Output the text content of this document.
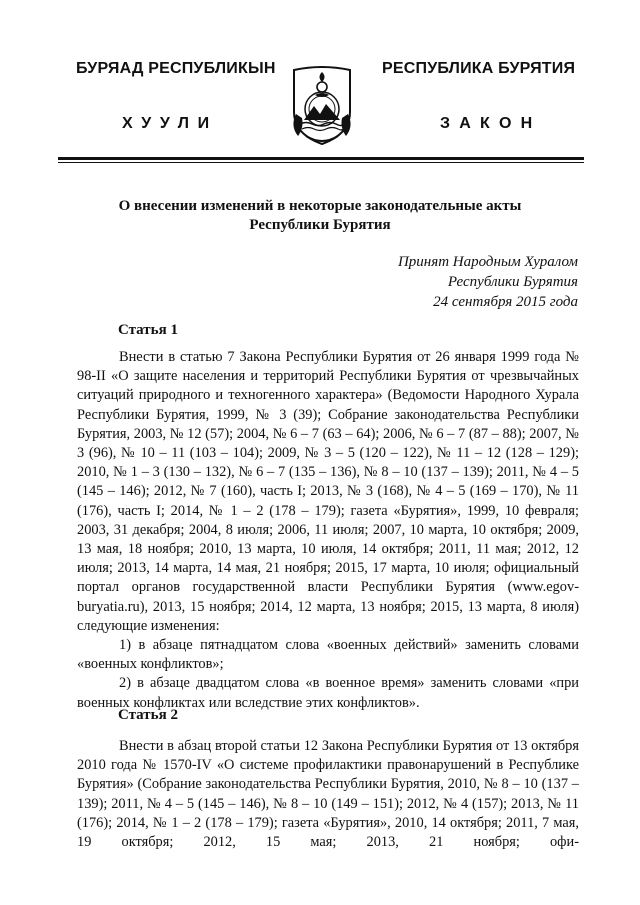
БУРЯАД РЕСПУБЛИКЫН	РЕСПУБЛИКА БУРЯТИЯ
ХУУЛИ	ЗАКОН
О внесении изменений в некоторые законодательные акты
Республики Бурятия
Принят Народным Хуралом
Республики Бурятия
24 сентября 2015 года
Статья 1

Внести в статью 7 Закона Республики Бурятия от 26 января 1999 года № 98-II «О защите населения и территорий Республики Бурятия от чрезвычайных ситуаций природного и техногенного характера» (Ведомости Народного Хурала Республики Бурятия, 1999, № 3 (39); Собрание законодательства Республики Бурятия, 2003, № 12 (57); 2004, № 6 – 7 (63 – 64); 2006, № 6 – 7 (87 – 88); 2007, № 3 (96), № 10 – 11 (103 – 104); 2009, № 3 – 5 (120 – 122), № 11 – 12 (128 – 129); 2010, № 1 – 3 (130 – 132), № 6 – 7 (135 – 136), № 8 – 10 (137 – 139); 2011, № 4 – 5 (145 – 146); 2012, № 7 (160), часть I; 2013, № 3 (168), № 4 – 5 (169 – 170), № 11 (176), часть I; 2014, № 1 – 2 (178 – 179); газета «Бурятия», 1999, 10 февраля; 2003, 31 декабря; 2004, 8 июля; 2006, 11 июля; 2007, 10 марта, 10 октября; 2009, 13 мая, 18 ноября; 2010, 13 марта, 10 июля, 14 октября; 2011, 11 мая; 2012, 12 июля; 2013, 14 марта, 14 мая, 21 ноября; 2015, 17 марта, 10 июля; официальный портал органов государственной власти Республики Бурятия (www.egov-buryatia.ru), 2013, 15 ноября; 2014, 12 марта, 13 ноября; 2015, 13 марта, 8 июля) следующие изменения:

1) в абзаце пятнадцатом слова «военных действий» заменить словами «военных конфликтов»;

2) в абзаце двадцатом слова «в военное время» заменить словами «при военных конфликтах или вследствие этих конфликтов».

Статья 2

Внести в абзац второй статьи 12 Закона Республики Бурятия от 13 октября 2010 года № 1570-IV «О системе профилактики правонарушений в Республике Бурятия» (Собрание законодательства Республики Бурятия, 2010, № 8 – 10 (137 – 139); 2011, № 4 – 5 (145 – 146), № 8 – 10 (149 – 151); 2012, № 4 (157); 2013, № 11 (176); 2014, № 1 – 2 (178 – 179); газета «Бурятия», 2010, 14 октября; 2011, 7 мая, 19 октября; 2012, 15 мая; 2013, 21 ноября; офи-
